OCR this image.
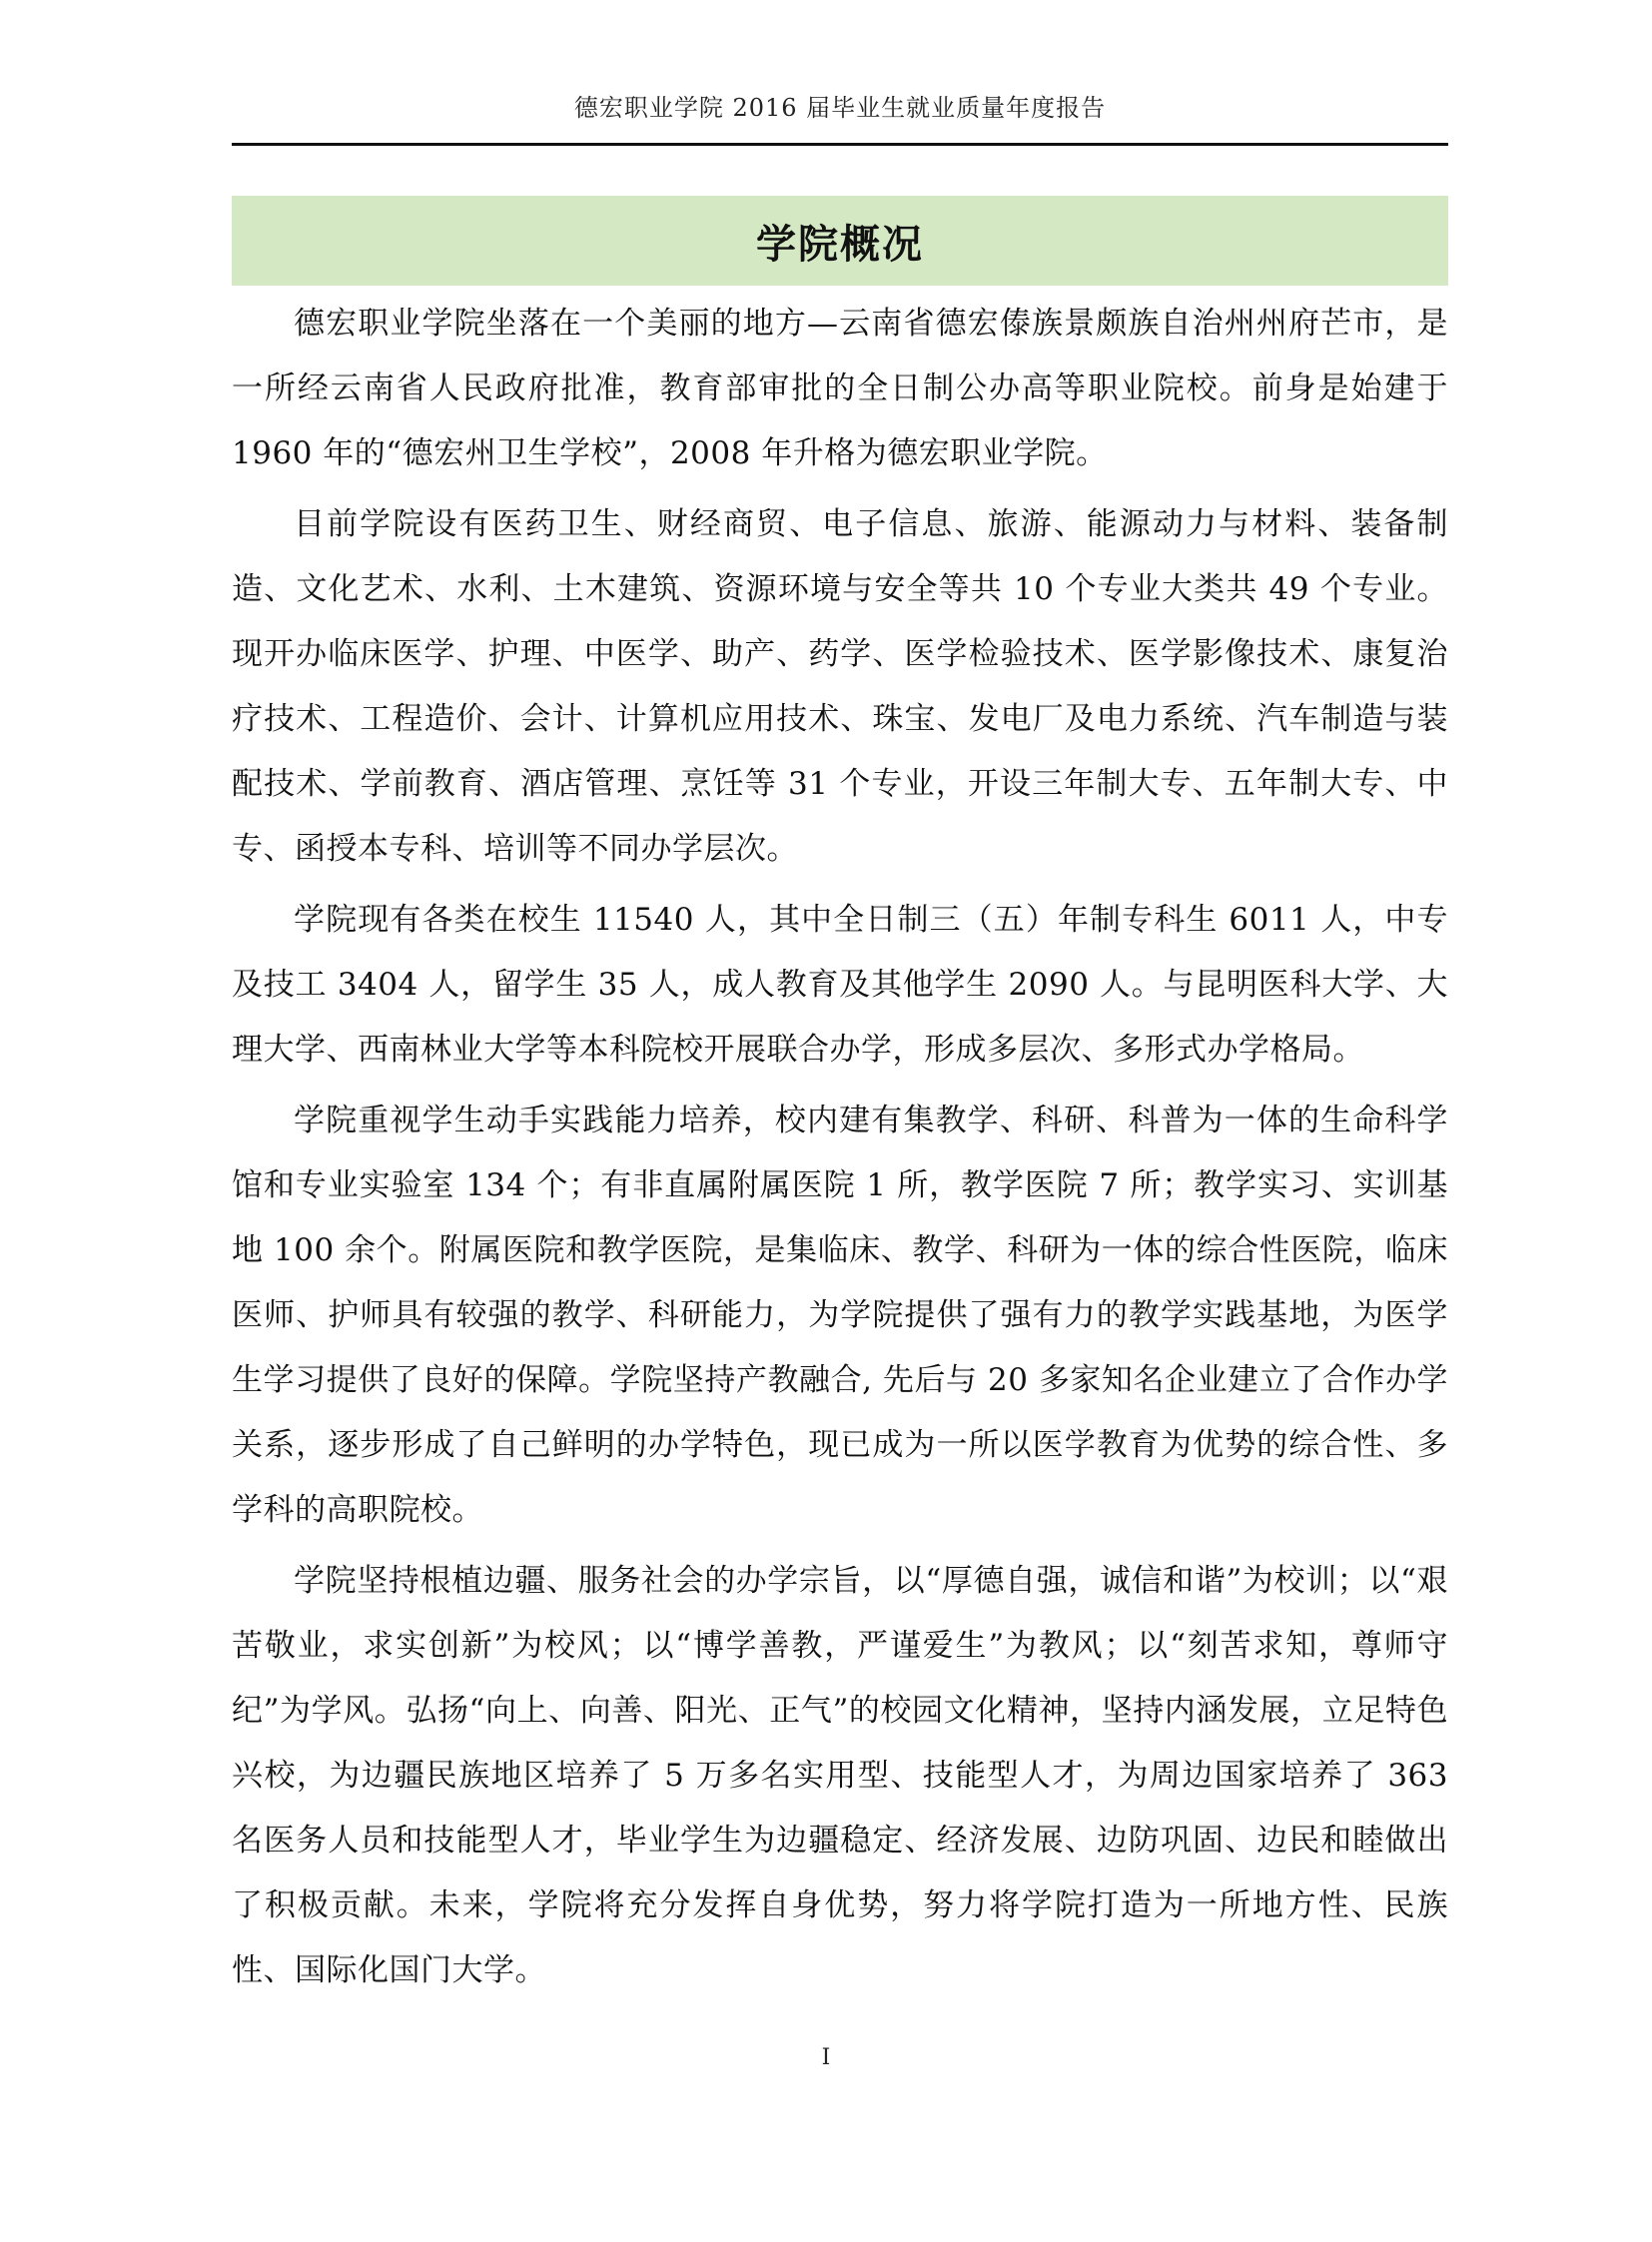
德宏职业学院 2016 届毕业生就业质量年度报告
学院概况

德宏职业学院坐落在一个美丽的地方—云南省德宏傣族景颇族自治州州府芒市，是一所经云南省人民政府批准，教育部审批的全日制公办高等职业院校。前身是始建于 1960 年的“德宏州卫生学校”，2008 年升格为德宏职业学院。

目前学院设有医药卫生、财经商贸、电子信息、旅游、能源动力与材料、装备制造、文化艺术、水利、土木建筑、资源环境与安全等共 10 个专业大类共 49 个专业。现开办临床医学、护理、中医学、助产、药学、医学检验技术、医学影像技术、康复治疗技术、工程造价、会计、计算机应用技术、珠宝、发电厂及电力系统、汽车制造与装配技术、学前教育、酒店管理、烹饪等 31 个专业，开设三年制大专、五年制大专、中专、函授本专科、培训等不同办学层次。

学院现有各类在校生 11540 人，其中全日制三（五）年制专科生 6011 人，中专及技工 3404 人，留学生 35 人，成人教育及其他学生 2090 人。与昆明医科大学、大理大学、西南林业大学等本科院校开展联合办学，形成多层次、多形式办学格局。

学院重视学生动手实践能力培养，校内建有集教学、科研、科普为一体的生命科学馆和专业实验室 134 个；有非直属附属医院 1 所，教学医院 7 所；教学实习、实训基地 100 余个。附属医院和教学医院，是集临床、教学、科研为一体的综合性医院，临床医师、护师具有较强的教学、科研能力，为学院提供了强有力的教学实践基地，为医学生学习提供了良好的保障。学院坚持产教融合, 先后与 20 多家知名企业建立了合作办学关系，逐步形成了自己鲜明的办学特色，现已成为一所以医学教育为优势的综合性、多学科的高职院校。

学院坚持根植边疆、服务社会的办学宗旨，以“厚德自强，诚信和谐”为校训；以“艰苦敬业，求实创新”为校风；以“博学善教，严谨爱生”为教风；以“刻苦求知，尊师守纪”为学风。弘扬“向上、向善、阳光、正气”的校园文化精神，坚持内涵发展，立足特色兴校，为边疆民族地区培养了 5 万多名实用型、技能型人才，为周边国家培养了 363 名医务人员和技能型人才，毕业学生为边疆稳定、经济发展、边防巩固、边民和睦做出了积极贡献。未来，学院将充分发挥自身优势，努力将学院打造为一所地方性、民族性、国际化国门大学。

I
